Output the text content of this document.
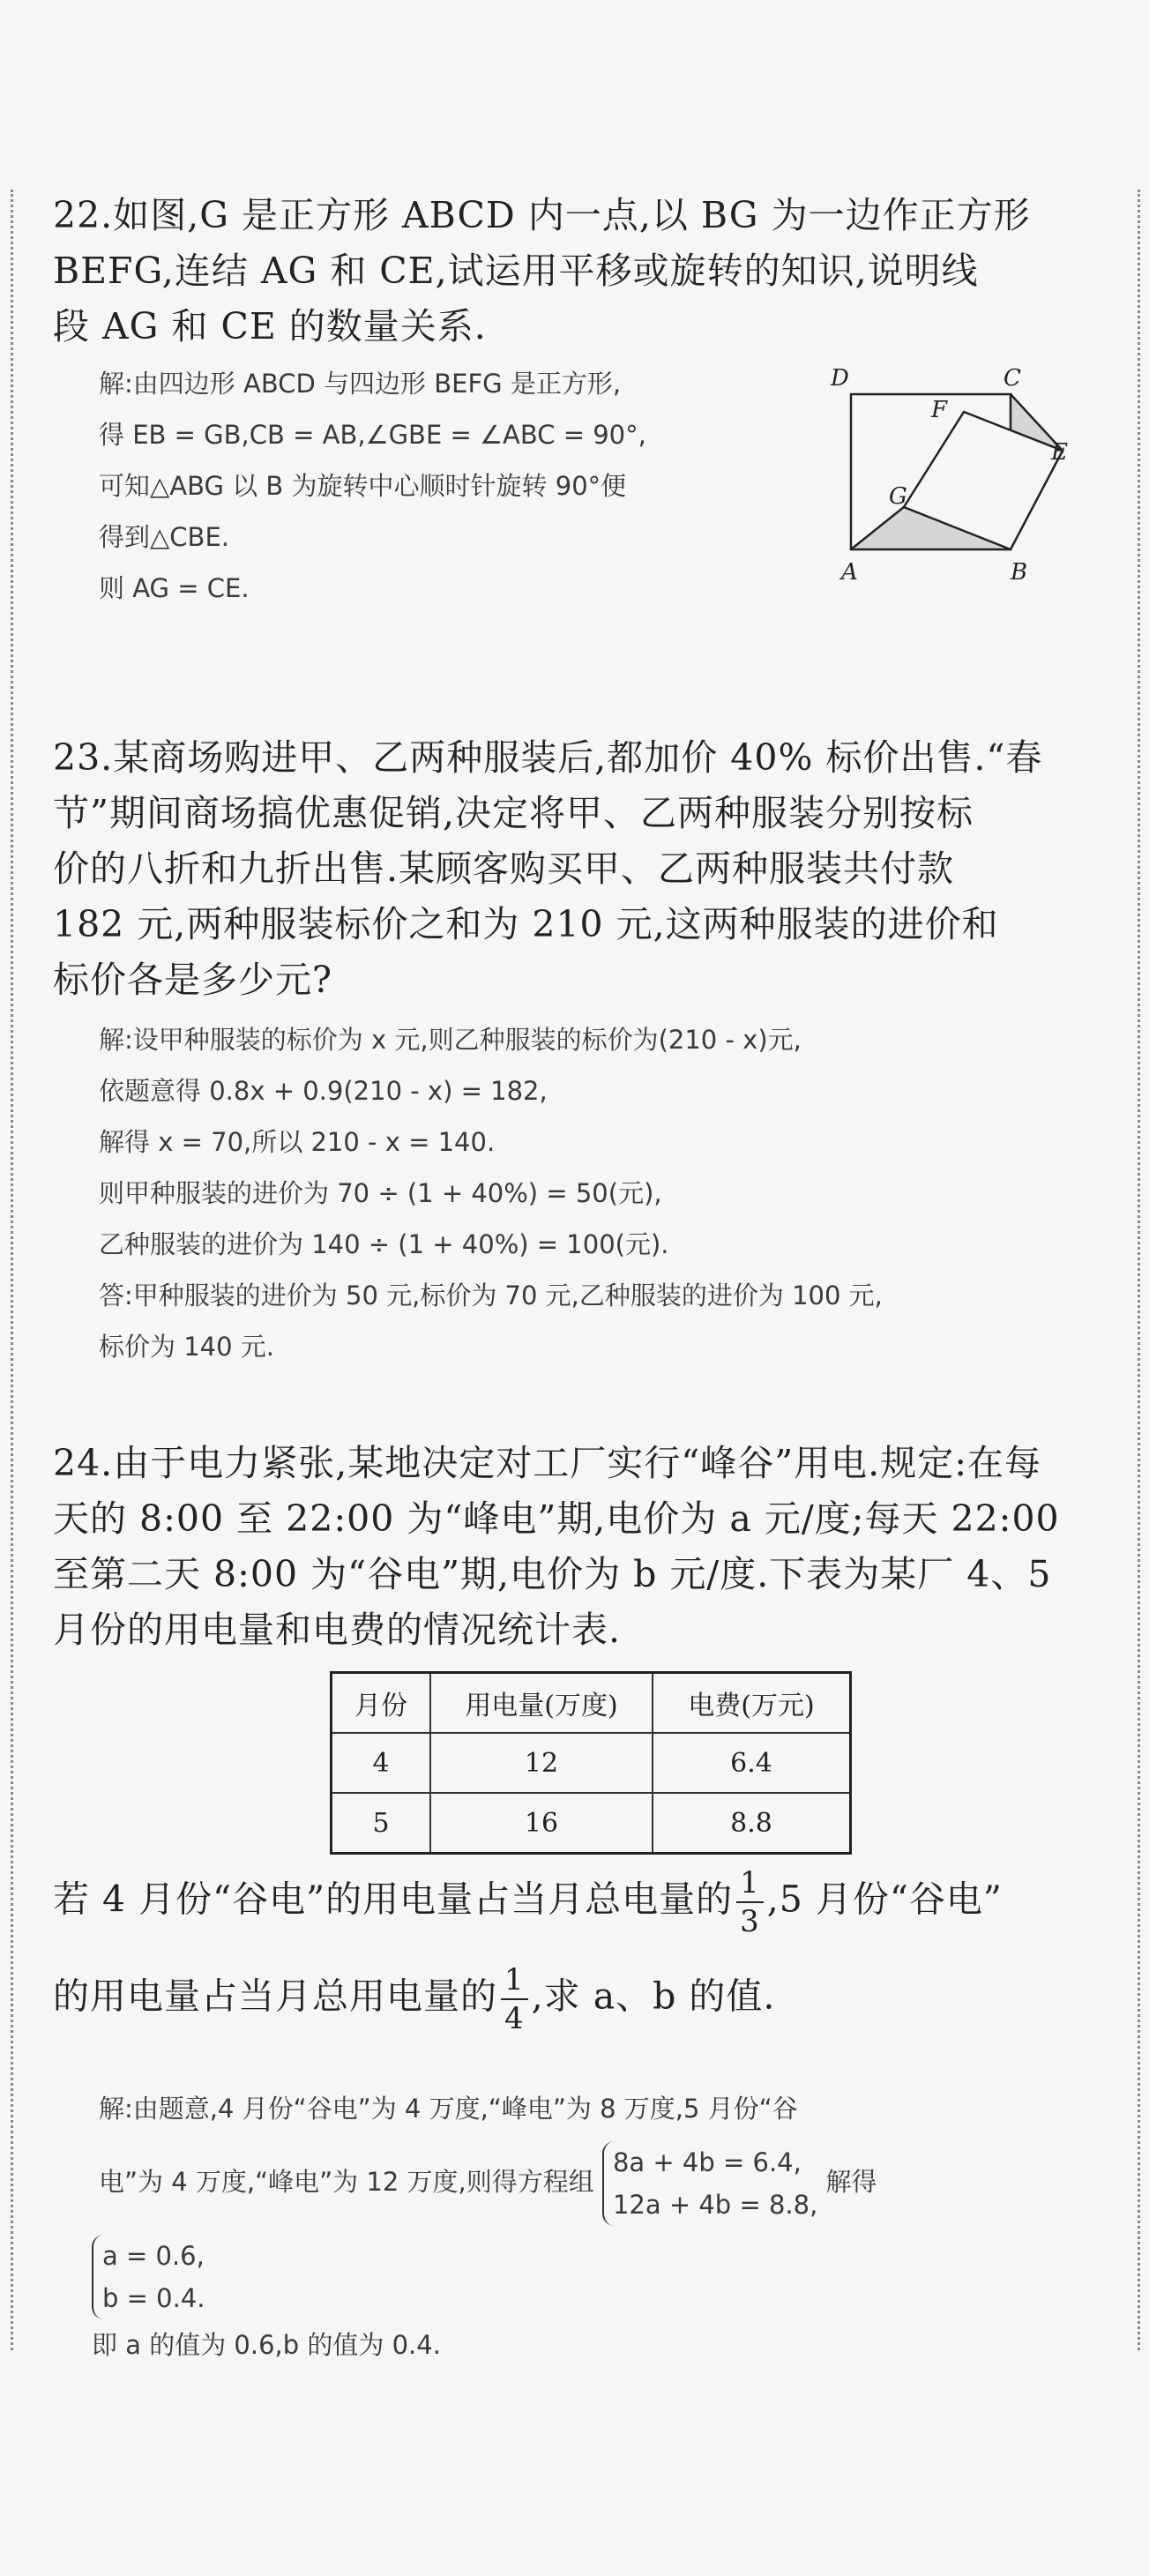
22.如图,G 是正方形 ABCD 内一点,以 BG 为一边作正方形

BEFG,连结 AG 和 CE,试运用平移或旋转的知识,说明线

段 AG 和 CE 的数量关系.

解:由四边形 ABCD 与四边形 BEFG 是正方形,

得 EB = GB,CB = AB,∠GBE = ∠ABC = 90°,

可知△ABG 以 B 为旋转中心顺时针旋转 90°便

得到△CBE.

则 AG = CE.

D	C
F
E
G
A	B

23.某商场购进甲、乙两种服装后,都加价 40% 标价出售.“春

节”期间商场搞优惠促销,决定将甲、乙两种服装分别按标

价的八折和九折出售.某顾客购买甲、乙两种服装共付款

182 元,两种服装标价之和为 210 元,这两种服装的进价和

标价各是多少元?

解:设甲种服装的标价为 x 元,则乙种服装的标价为(210 - x)元,

依题意得 0.8x + 0.9(210 - x) = 182,

解得 x = 70,所以 210 - x = 140.

则甲种服装的进价为 70 ÷ (1 + 40%) = 50(元),

乙种服装的进价为 140 ÷ (1 + 40%) = 100(元).

答:甲种服装的进价为 50 元,标价为 70 元,乙种服装的进价为 100 元,

标价为 140 元.

24.由于电力紧张,某地决定对工厂实行“峰谷”用电.规定:在每

天的 8:00 至 22:00 为“峰电”期,电价为 a 元/度;每天 22:00

至第二天 8:00 为“谷电”期,电价为 b 元/度.下表为某厂 4、5

月份的用电量和电费的情况统计表.

月份	用电量(万度)	电费(万元)
4	12	6.4
5	16	8.8

若 4 月份“谷电”的用电量占当月总电量的 $\frac{1}{3} ,5$ 月份“谷电”

的用电量占当月总用电量的 $\frac{1}{4}$ ,求 a、b 的值.

解:由题意,4 月份“谷电”为 4 万度,“峰电”为 8 万度,5 月份“谷

电”为 4 万度,“峰电”为 12 万度,则得方程组
8a + 4b = 6.4,
12a + 4b = 8.8,
解得

a = 0.6,
b = 0.4.

即 a 的值为 0.6,b 的值为 0.4.
